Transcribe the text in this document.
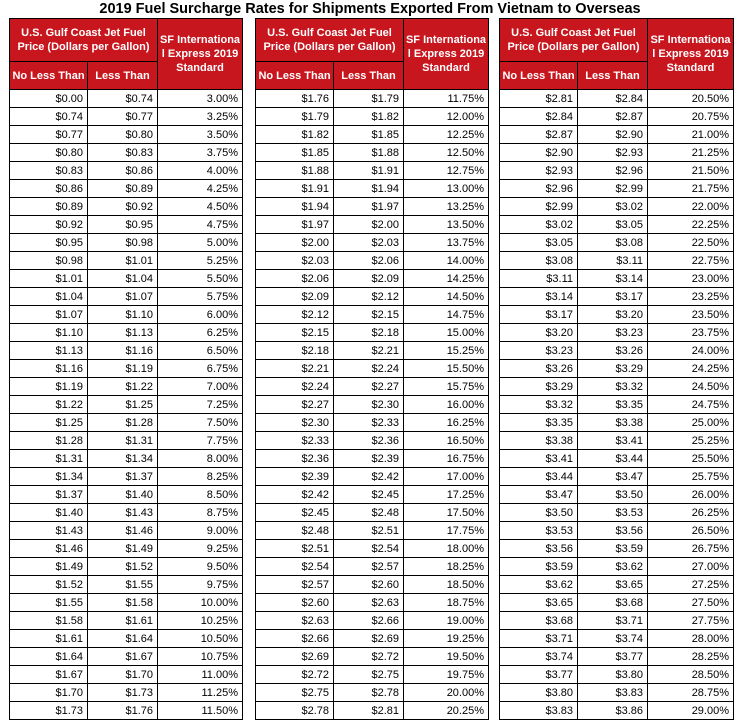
2019 Fuel Surcharge Rates for Shipments Exported From Vietnam to Overseas
U.S. Gulf Coast Jet Fuel Price (Dollars per Gallon)		SF Internationa l Express 2019 Standard
No Less Than	Less Than	
$0.00	$0.74	3.00%
$0.74	$0.77	3.25%
$0.77	$0.80	3.50%
$0.80	$0.83	3.75%
$0.83	$0.86	4.00%
$0.86	$0.89	4.25%
$0.89	$0.92	4.50%
$0.92	$0.95	4.75%
$0.95	$0.98	5.00%
$0.98	$1.01	5.25%
$1.01	$1.04	5.50%
$1.04	$1.07	5.75%
$1.07	$1.10	6.00%
$1.10	$1.13	6.25%
$1.13	$1.16	6.50%
$1.16	$1.19	6.75%
$1.19	$1.22	7.00%
$1.22	$1.25	7.25%
$1.25	$1.28	7.50%
$1.28	$1.31	7.75%
$1.31	$1.34	8.00%
$1.34	$1.37	8.25%
$1.37	$1.40	8.50%
$1.40	$1.43	8.75%
$1.43	$1.46	9.00%
$1.46	$1.49	9.25%
$1.49	$1.52	9.50%
$1.52	$1.55	9.75%
$1.55	$1.58	10.00%
$1.58	$1.61	10.25%
$1.61	$1.64	10.50%
$1.64	$1.67	10.75%
$1.67	$1.70	11.00%
$1.70	$1.73	11.25%
$1.73	$1.76	11.50%
U.S. Gulf Coast Jet Fuel Price (Dollars per Gallon)		SF Internationa l Express 2019 Standard
No Less Than	Less Than	
$1.76	$1.79	11.75%
$1.79	$1.82	12.00%
$1.82	$1.85	12.25%
$1.85	$1.88	12.50%
$1.88	$1.91	12.75%
$1.91	$1.94	13.00%
$1.94	$1.97	13.25%
$1.97	$2.00	13.50%
$2.00	$2.03	13.75%
$2.03	$2.06	14.00%
$2.06	$2.09	14.25%
$2.09	$2.12	14.50%
$2.12	$2.15	14.75%
$2.15	$2.18	15.00%
$2.18	$2.21	15.25%
$2.21	$2.24	15.50%
$2.24	$2.27	15.75%
$2.27	$2.30	16.00%
$2.30	$2.33	16.25%
$2.33	$2.36	16.50%
$2.36	$2.39	16.75%
$2.39	$2.42	17.00%
$2.42	$2.45	17.25%
$2.45	$2.48	17.50%
$2.48	$2.51	17.75%
$2.51	$2.54	18.00%
$2.54	$2.57	18.25%
$2.57	$2.60	18.50%
$2.60	$2.63	18.75%
$2.63	$2.66	19.00%
$2.66	$2.69	19.25%
$2.69	$2.72	19.50%
$2.72	$2.75	19.75%
$2.75	$2.78	20.00%
$2.78	$2.81	20.25%
U.S. Gulf Coast Jet Fuel Price (Dollars per Gallon)		SF Internationa l Express 2019 Standard
No Less Than	Less Than	
$2.81	$2.84	20.50%
$2.84	$2.87	20.75%
$2.87	$2.90	21.00%
$2.90	$2.93	21.25%
$2.93	$2.96	21.50%
$2.96	$2.99	21.75%
$2.99	$3.02	22.00%
$3.02	$3.05	22.25%
$3.05	$3.08	22.50%
$3.08	$3.11	22.75%
$3.11	$3.14	23.00%
$3.14	$3.17	23.25%
$3.17	$3.20	23.50%
$3.20	$3.23	23.75%
$3.23	$3.26	24.00%
$3.26	$3.29	24.25%
$3.29	$3.32	24.50%
$3.32	$3.35	24.75%
$3.35	$3.38	25.00%
$3.38	$3.41	25.25%
$3.41	$3.44	25.50%
$3.44	$3.47	25.75%
$3.47	$3.50	26.00%
$3.50	$3.53	26.25%
$3.53	$3.56	26.50%
$3.56	$3.59	26.75%
$3.59	$3.62	27.00%
$3.62	$3.65	27.25%
$3.65	$3.68	27.50%
$3.68	$3.71	27.75%
$3.71	$3.74	28.00%
$3.74	$3.77	28.25%
$3.77	$3.80	28.50%
$3.80	$3.83	28.75%
$3.83	$3.86	29.00%
